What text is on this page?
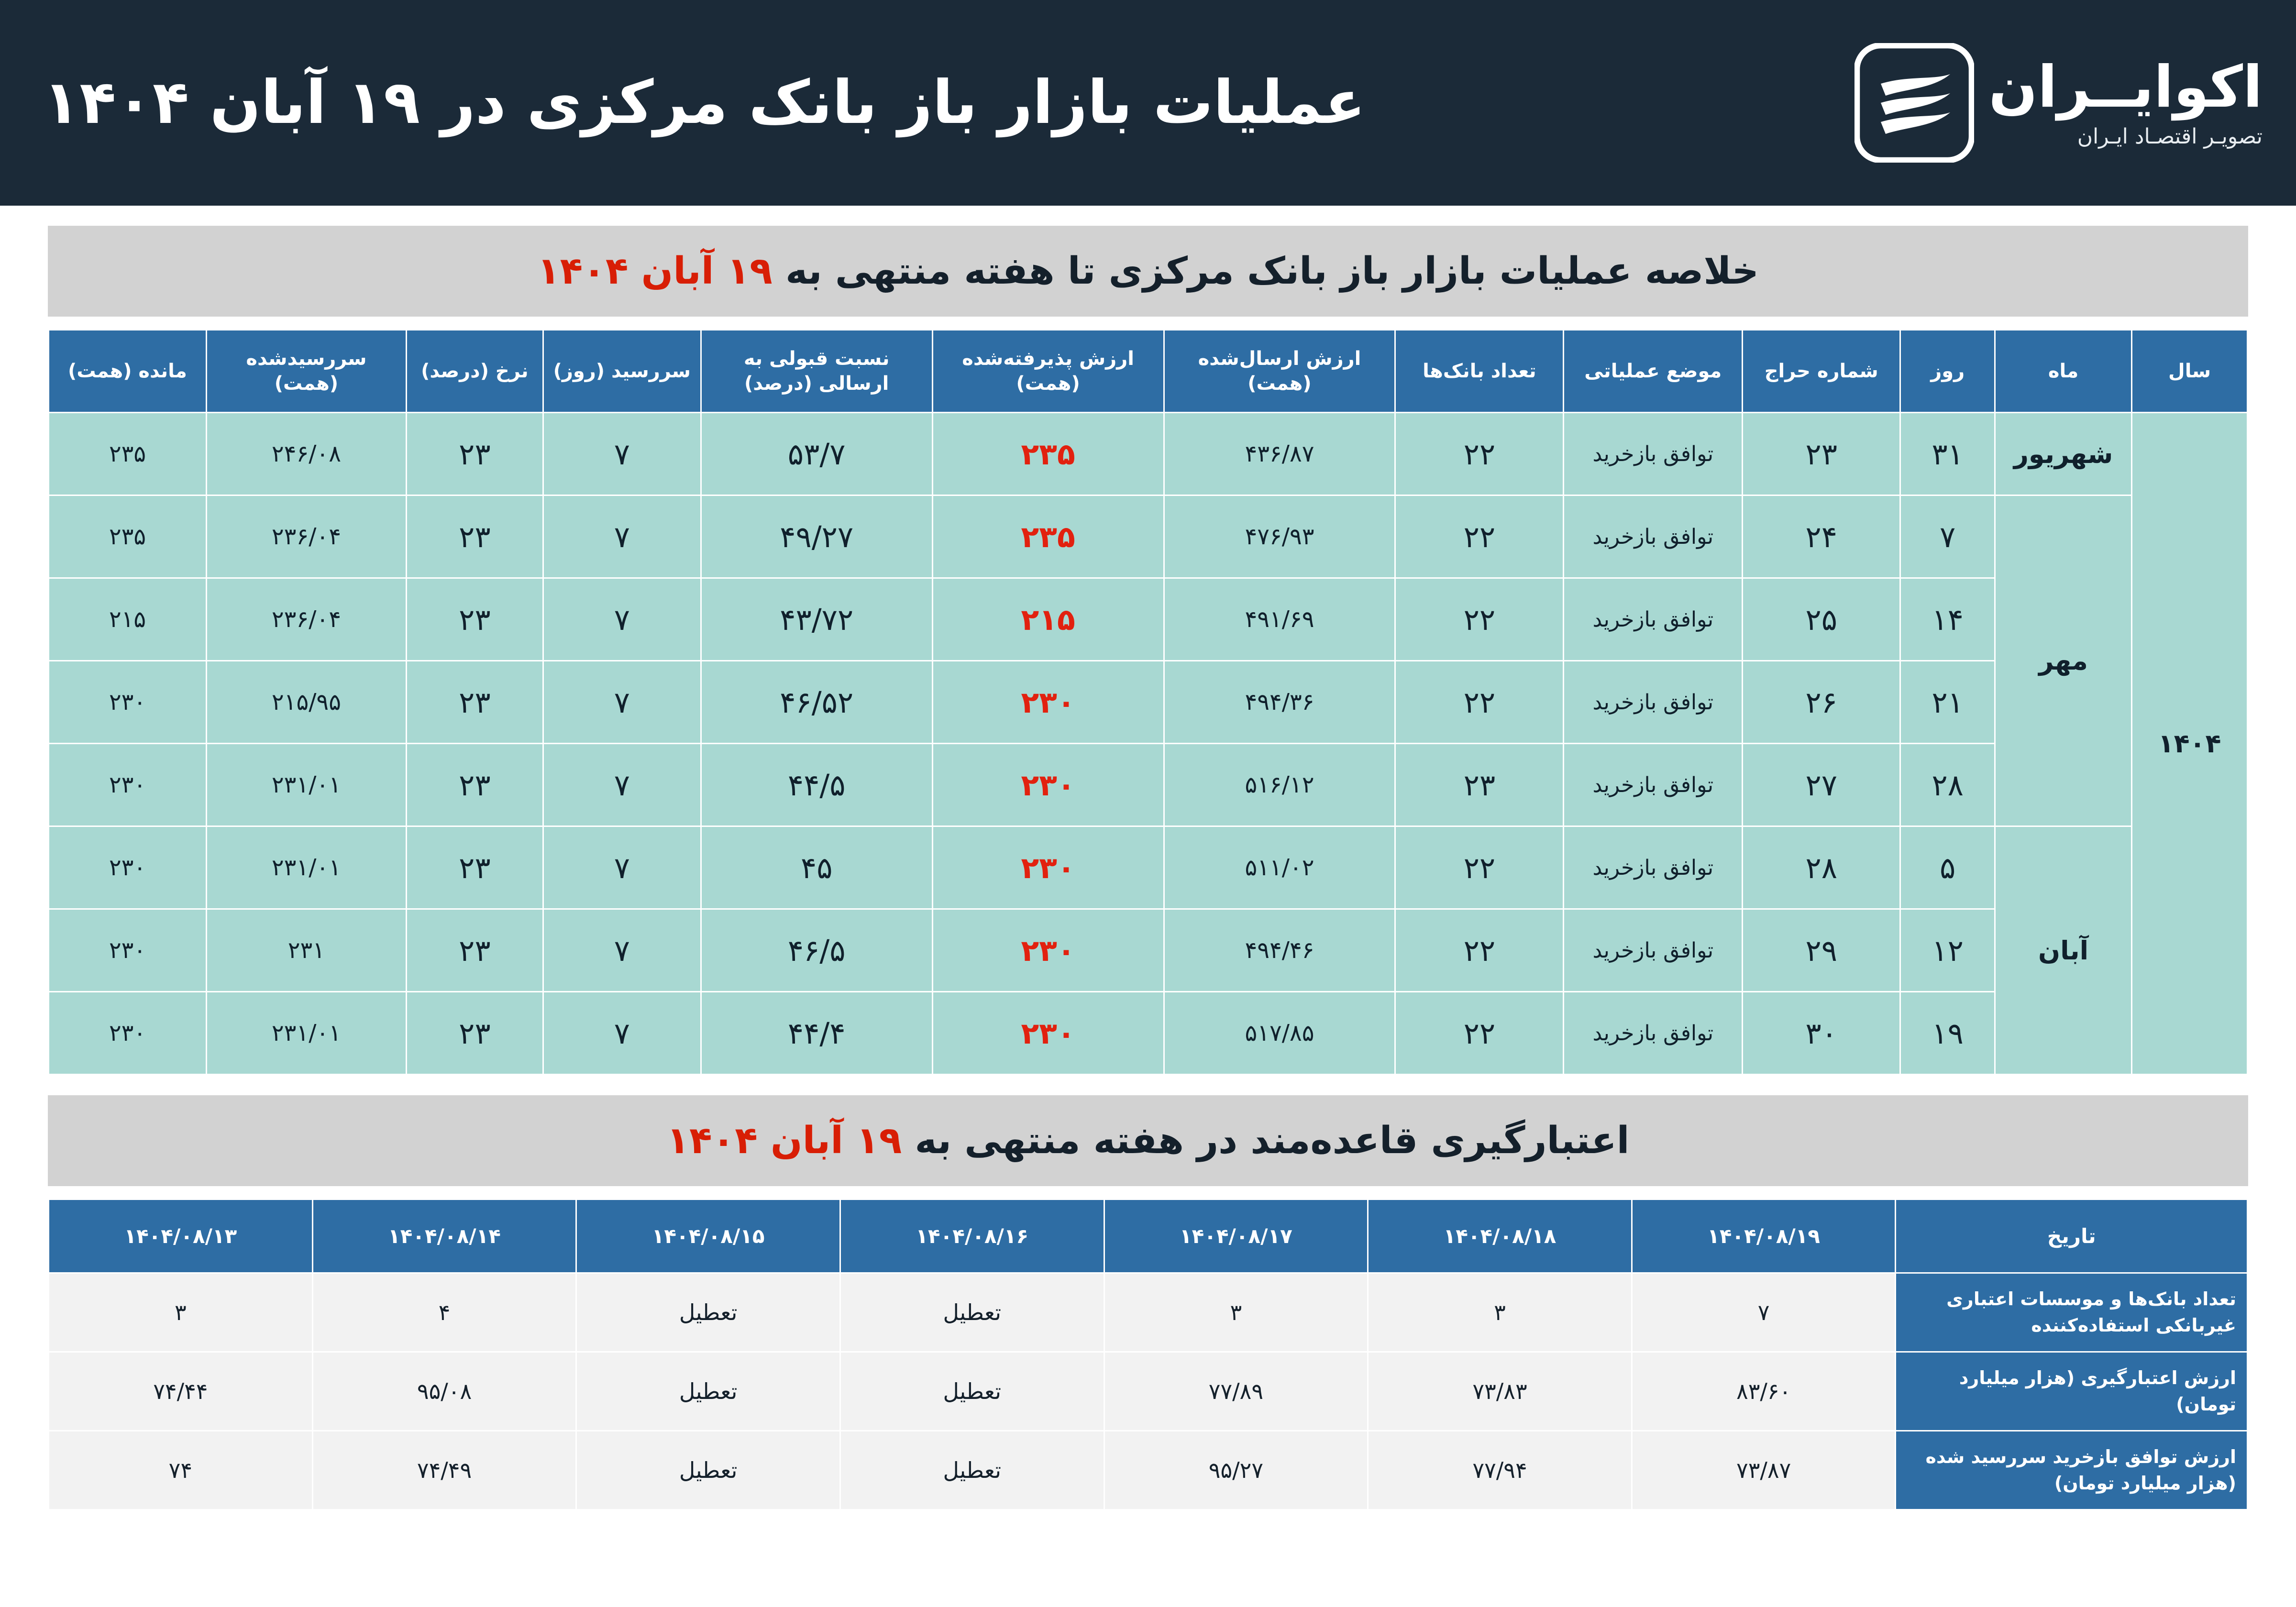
اکوایــران
تصویـر اقتصـاد ایـران
عملیات بازار باز بانک مرکزی در ۱۹ آبان ۱۴۰۴
خلاصه عملیات بازار باز بانک مرکزی تا هفته منتهی به ۱۹ آبان ۱۴۰۴
سال	ماه	روز	شماره حراج	موضع عملیاتی	تعداد بانک‌ها	ارزش ارسال‌شده (همت)	ارزش پذیرفته‌شده (همت)	نسبت قبولی به ارسالی (درصد)	سررسید (روز)	نرخ (درصد)	سررسیدشده (همت)	مانده (همت)
۱۴۰۴	شهریور	۳۱	۲۳	توافق بازخرید	۲۲	۴۳۶/۸۷	۲۳۵	۵۳/۷	۷	۲۳	۲۴۶/۰۸	۲۳۵
	مهر	۷	۲۴	توافق بازخرید	۲۲	۴۷۶/۹۳	۲۳۵	۴۹/۲۷	۷	۲۳	۲۳۶/۰۴	۲۳۵
		۱۴	۲۵	توافق بازخرید	۲۲	۴۹۱/۶۹	۲۱۵	۴۳/۷۲	۷	۲۳	۲۳۶/۰۴	۲۱۵
		۲۱	۲۶	توافق بازخرید	۲۲	۴۹۴/۳۶	۲۳۰	۴۶/۵۲	۷	۲۳	۲۱۵/۹۵	۲۳۰
		۲۸	۲۷	توافق بازخرید	۲۳	۵۱۶/۱۲	۲۳۰	۴۴/۵	۷	۲۳	۲۳۱/۰۱	۲۳۰
	آبان	۵	۲۸	توافق بازخرید	۲۲	۵۱۱/۰۲	۲۳۰	۴۵	۷	۲۳	۲۳۱/۰۱	۲۳۰
		۱۲	۲۹	توافق بازخرید	۲۲	۴۹۴/۴۶	۲۳۰	۴۶/۵	۷	۲۳	۲۳۱	۲۳۰
		۱۹	۳۰	توافق بازخرید	۲۲	۵۱۷/۸۵	۲۳۰	۴۴/۴	۷	۲۳	۲۳۱/۰۱	۲۳۰
اعتبارگیری قاعده‌مند در هفته منتهی به ۱۹ آبان ۱۴۰۴
تاریخ	۱۴۰۴/۰۸/۱۹	۱۴۰۴/۰۸/۱۸	۱۴۰۴/۰۸/۱۷	۱۴۰۴/۰۸/۱۶	۱۴۰۴/۰۸/۱۵	۱۴۰۴/۰۸/۱۴	۱۴۰۴/۰۸/۱۳
تعداد بانک‌ها و موسسات اعتباری غیربانکی استفاده‌کننده	۷	۳	۳	تعطیل	تعطیل	۴	۳
ارزش اعتبارگیری (هزار میلیارد تومان)	۸۳/۶۰	۷۳/۸۳	۷۷/۸۹	تعطیل	تعطیل	۹۵/۰۸	۷۴/۴۴
ارزش توافق بازخرید سررسید شده (هزار میلیارد تومان)	۷۳/۸۷	۷۷/۹۴	۹۵/۲۷	تعطیل	تعطیل	۷۴/۴۹	۷۴
